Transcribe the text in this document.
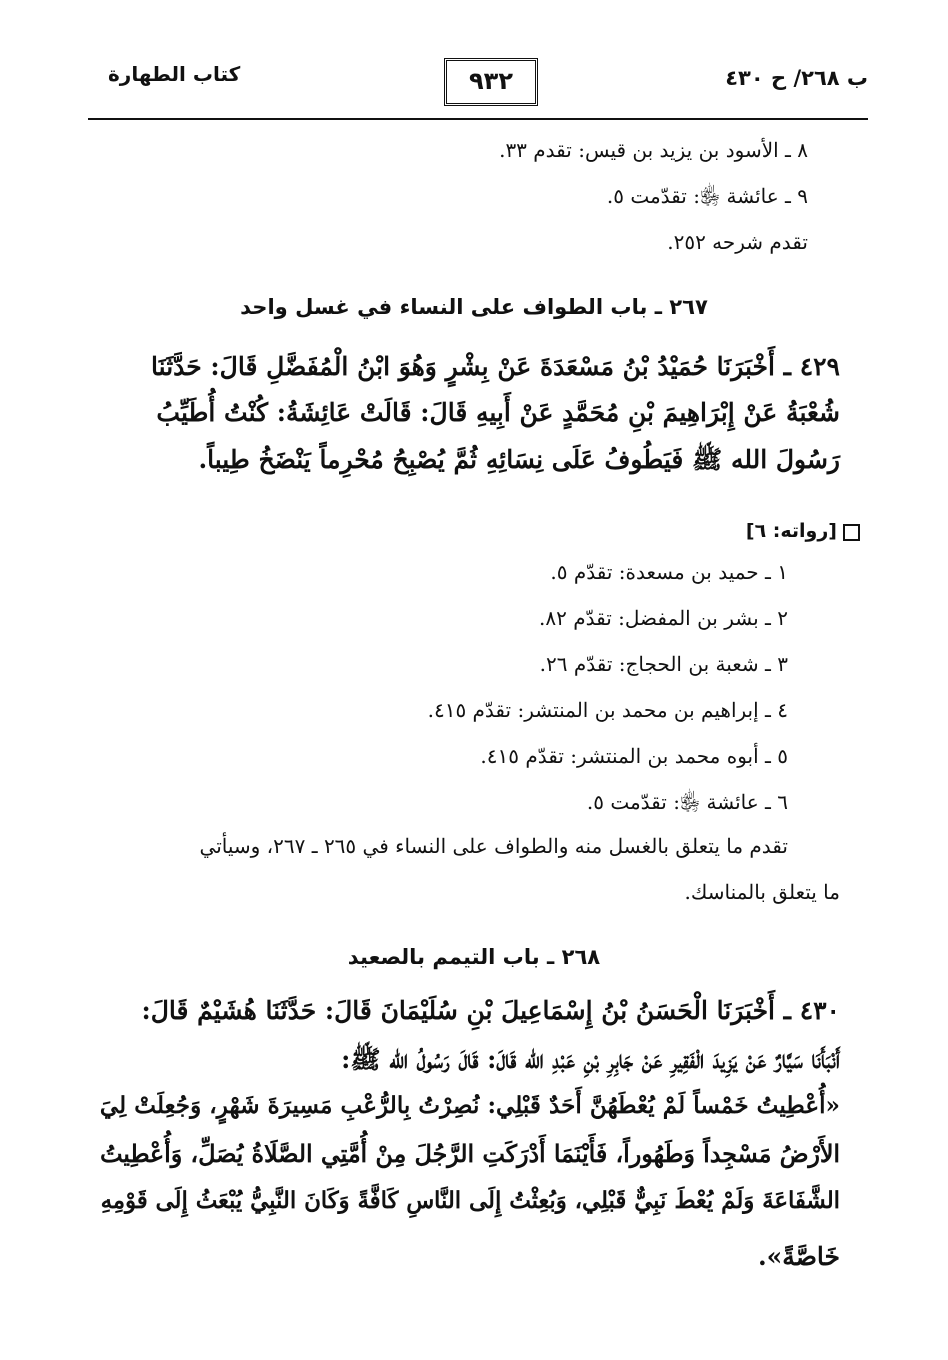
كتاب الطهارة	٩٣٢	ب ٢٦٨/ ح ٤٣٠
٨ ـ الأسود بن يزيد بن قيس: تقدم ٣٣.
٩ ـ عائشة ﵂: تقدّمت ٥.
تقدم شرحه ٢٥٢.
٢٦٧ ـ باب الطواف على النساء في غسل واحد
٤٢٩ ـ أَخْبَرَنَا حُمَيْدُ بْنُ مَسْعَدَةَ عَنْ بِشْرٍ وَهُوَ ابْنُ الْمُفَضَّلِ قَالَ: حَدَّثَنَا
شُعْبَةُ عَنْ إِبْرَاهِيمَ بْنِ مُحَمَّدٍ عَنْ أَبِيهِ قَالَ: قَالَتْ عَائِشَةُ: كُنْتُ أُطَيِّبُ
رَسُولَ الله ﷺ فَيَطُوفُ عَلَى نِسَائِهِ ثُمَّ يُصْبِحُ مُحْرِماً يَنْضَخُ طِيباً.
[رواته: ٦]
١ ـ حميد بن مسعدة: تقدّم ٥.
٢ ـ بشر بن المفضل: تقدّم ٨٢.
٣ ـ شعبة بن الحجاج: تقدّم ٢٦.
٤ ـ إبراهيم بن محمد بن المنتشر: تقدّم ٤١٥.
٥ ـ أبوه محمد بن المنتشر: تقدّم ٤١٥.
٦ ـ عائشة ﵂: تقدّمت ٥.
تقدم ما يتعلق بالغسل منه والطواف على النساء في ٢٦٥ ـ ٢٦٧، وسيأتي
ما يتعلق بالمناسك.
٢٦٨ ـ باب التيمم بالصعيد
٤٣٠ ـ أَخْبَرَنَا الْحَسَنُ بْنُ إِسْمَاعِيلَ بْنِ سُلَيْمَانَ قَالَ: حَدَّثَنَا هُشَيْمٌ قَالَ:
أَنْبَأَنَا سَيَّارٌ عَنْ يَزِيدَ الْفَقِيرِ عَنْ جَابِرِ بْنِ عَبْدِ الله قَالَ: قَالَ رَسُولُ الله ﷺ:
«أُعْطِيتُ خَمْساً لَمْ يُعْطَهُنَّ أَحَدٌ قَبْلِي: نُصِرْتُ بِالرُّعْبِ مَسِيرَةَ شَهْرٍ، وَجُعِلَتْ لِيَ
الأَرْضُ مَسْجِداً وَطَهُوراً، فَأَيْنَمَا أَدْرَكَتِ الرَّجُلَ مِنْ أُمَّتِي الصَّلَاةُ يُصَلِّ، وَأُعْطِيتُ
الشَّفَاعَةَ وَلَمْ يُعْطَ نَبِيٌّ قَبْلِي، وَبُعِثْتُ إِلَى النَّاسِ كَافَّةً وَكَانَ النَّبِيُّ يُبْعَثُ إِلَى قَوْمِهِ
خَاصَّةً».
